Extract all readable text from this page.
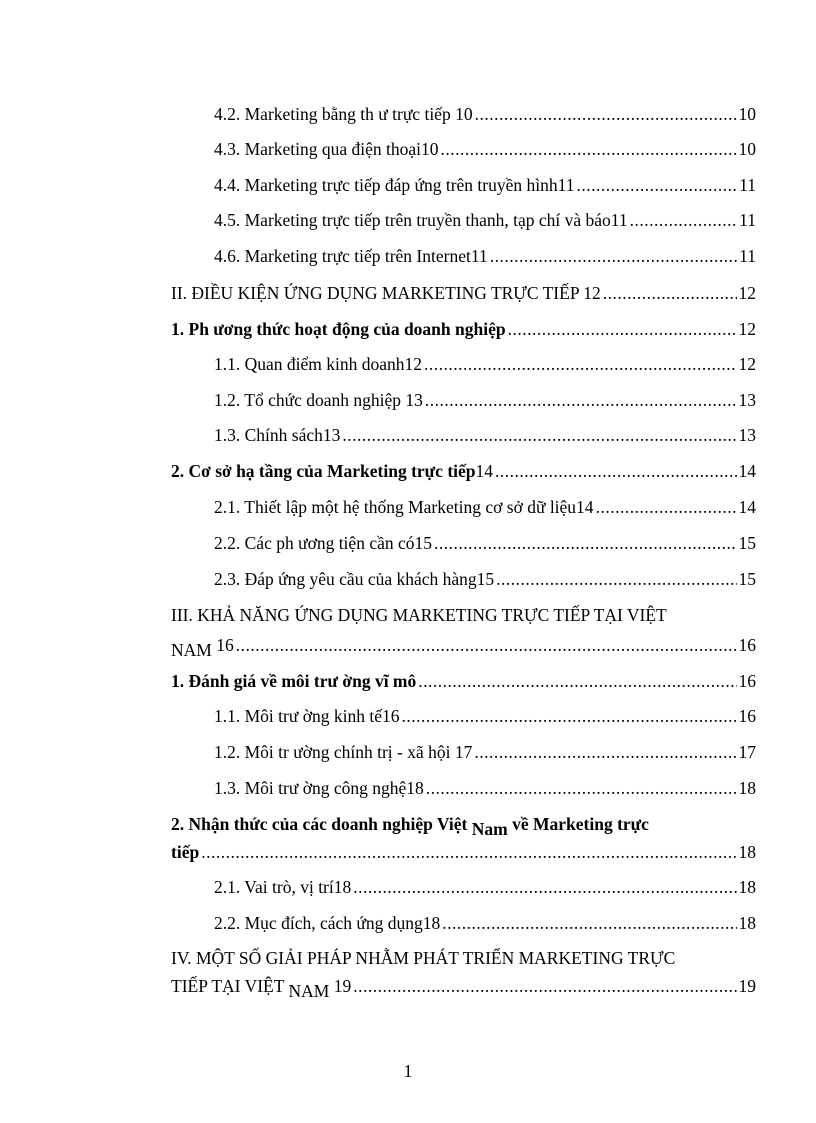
4.2. Marketing bằng th ư trực tiếp 10 .....	10
4.3. Marketing qua điện thoại10 .....	10
4.4. Marketing trực tiếp đáp ứng trên truyền hình11 .....	11
4.5. Marketing trực tiếp trên truyền thanh, tạp chí và báo11 .....	11
4.6. Marketing trực tiếp trên Internet11 .....	11
II. ĐIỀU KIỆN ỨNG DỤNG MARKETING TRỰC TIẾP 12 .....	12
1. Ph ương thức hoạt động của doanh nghiệp .....	12
1.1. Quan điểm kinh doanh12 .....	12
1.2. Tổ chức doanh nghiệp 13 .....	13
1.3. Chính sách13 .....	13
2. Cơ sở hạ tầng của Marketing trực tiếp 14 .....	14
2.1. Thiết lập một hệ thống Marketing cơ sở dữ liệu14 .....	14
2.2. Các ph ương tiện cần có15 .....	15
2.3. Đáp ứng yêu cầu của khách hàng15 .....	15
III. KHẢ NĂNG ỨNG DỤNG MARKETING TRỰC TIẾP TẠI VIỆT
NAM 16 .....	16
1. Đánh giá về môi trư ờng vĩ mô .....	16
1.1. Môi trư ờng kinh tế16 .....	16
1.2. Môi tr ường chính trị - xã hội 17 .....	17
1.3. Môi trư ờng công nghệ18 .....	18
2. Nhận thức của các doanh nghiệp Việt Nam về Marketing trực
tiếp .....	18
2.1. Vai trò, vị trí18 .....	18
2.2. Mục đích, cách ứng dụng18 .....	18
IV. MỘT SỐ GIẢI PHÁP NHẰM PHÁT TRIỂN MARKETING TRỰC
TIẾP TẠI VIỆT NAM 19 .....	19
1
